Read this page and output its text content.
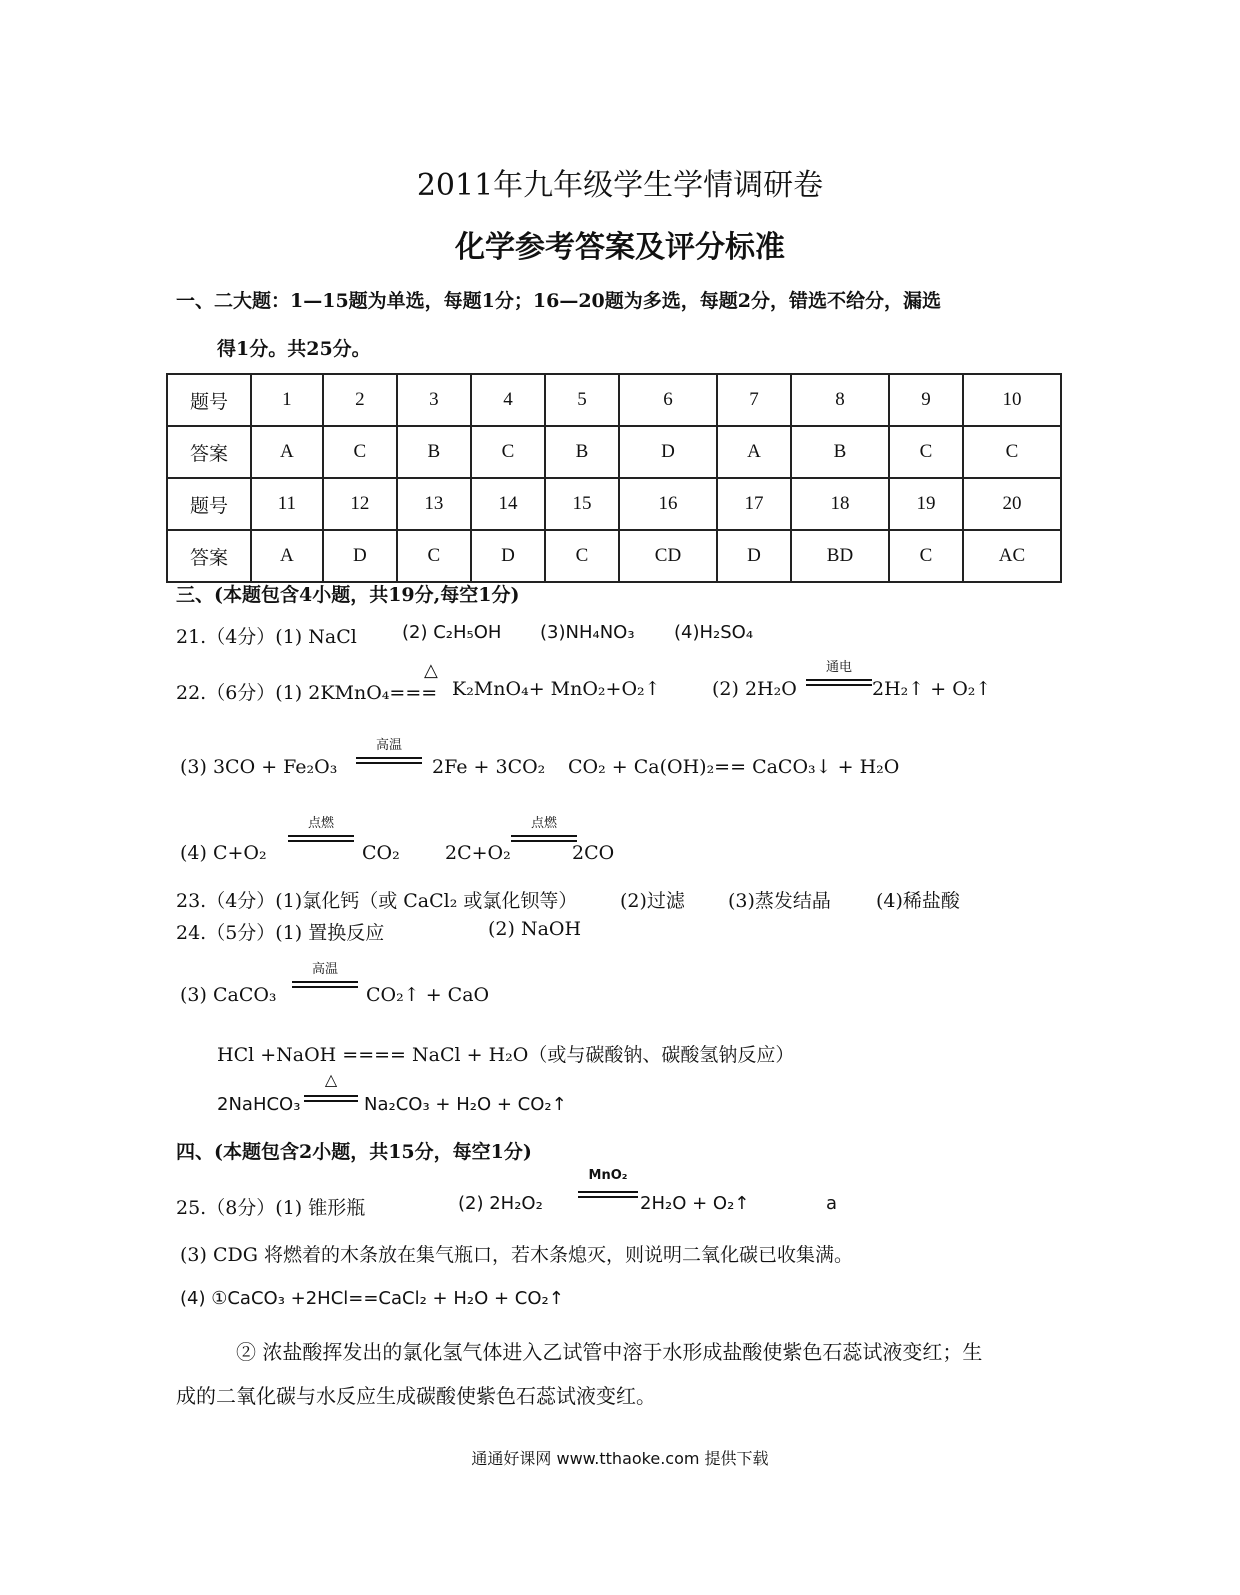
2011年九年级学生学情调研卷
化学参考答案及评分标准
一、二大题：1—15题为单选，每题1分；16—20题为多选，每题2分，错选不给分，漏选
得1分。共25分。
题号	1	2	3	4	5	6	7	8	9	10
答案	A	C	B	C	B	D	A	B	C	C
题号	11	12	13	14	15	16	17	18	19	20
答案	A	D	C	D	C	CD	D	BD	C	AC
三、(本题包含4小题，共19分,每空1分)
21.（4分）(1) NaCl	(2) C₂H₅OH (3)NH₄NO₃ (4)H₂SO₄
22.（6分）(1) 2KMnO₄===
△
K₂MnO₄+ MnO₂+O₂↑	(2) 2H₂O
通电
2H₂↑ + O₂↑
(3) 3CO + Fe₂O₃
高温
2Fe + 3CO₂ CO₂ + Ca(OH)₂== CaCO₃↓ + H₂O
(4) C+O₂
点燃
CO₂ 2C+O₂
点燃
2CO
23.（4分）(1)氯化钙（或 CaCl₂ 或氯化钡等） (2)过滤 (3)蒸发结晶 (4)稀盐酸
24.（5分）(1) 置换反应	(2) NaOH
(3) CaCO₃
高温
CO₂↑ + CaO
HCl +NaOH ==== NaCl + H₂O（或与碳酸钠、碳酸氢钠反应）
2NaHCO₃
△
Na₂CO₃ + H₂O + CO₂↑
四、(本题包含2小题，共15分，每空1分)
25.（8分）(1) 锥形瓶	(2) 2H₂O₂
MnO₂
2H₂O + O₂↑	a
(3) CDG 将燃着的木条放在集气瓶口，若木条熄灭，则说明二氧化碳已收集满。
(4) ①CaCO₃ +2HCl==CaCl₂ + H₂O + CO₂↑
② 浓盐酸挥发出的氯化氢气体进入乙试管中溶于水形成盐酸使紫色石蕊试液变红；生
成的二氧化碳与水反应生成碳酸使紫色石蕊试液变红。
通通好课网 www.tthaoke.com 提供下载
